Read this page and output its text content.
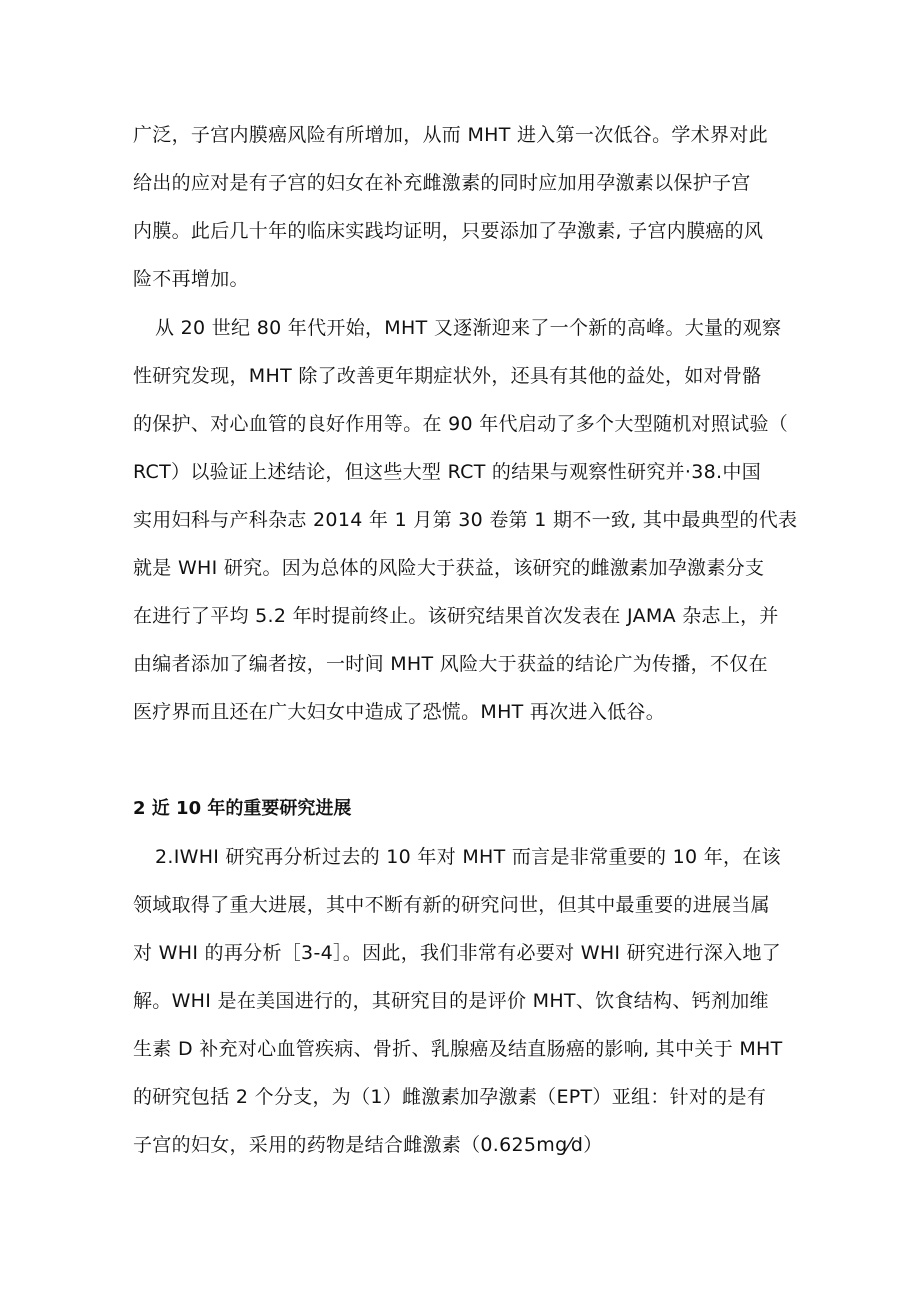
广泛，子宫内膜癌风险有所增加，从而 MHT 进入第一次低谷。学术界对此
给出的应对是有子宫的妇女在补充雌激素的同时应加用孕激素以保护子宫
内膜。此后几十年的临床实践均证明，只要添加了孕激素, 子宫内膜癌的风
险不再增加。
从 20 世纪 80 年代开始，MHT 又逐渐迎来了一个新的高峰。大量的观察
性研究发现，MHT 除了改善更年期症状外，还具有其他的益处，如对骨骼
的保护、对心血管的良好作用等。在 90 年代启动了多个大型随机对照试验（
RCT）以验证上述结论，但这些大型 RCT 的结果与观察性研究并·38.中国
实用妇科与产科杂志 2014 年 1 月第 30 卷第 1 期不一致, 其中最典型的代表
就是 WHI 研究。因为总体的风险大于获益，该研究的雌激素加孕激素分支
在进行了平均 5.2 年时提前终止。该研究结果首次发表在 JAMA 杂志上，并
由编者添加了编者按，一时间 MHT 风险大于获益的结论广为传播，不仅在
医疗界而且还在广大妇女中造成了恐慌。MHT 再次进入低谷。
2 近 10 年的重要研究进展
2.IWHI 研究再分析过去的 10 年对 MHT 而言是非常重要的 10 年，在该
领域取得了重大进展，其中不断有新的研究问世，但其中最重要的进展当属
对 WHI 的再分析［3-4］。因此，我们非常有必要对 WHI 研究进行深入地了
解。WHI 是在美国进行的，其研究目的是评价 MHT、饮食结构、钙剂加维
生素 D 补充对心血管疾病、骨折、乳腺癌及结直肠癌的影响, 其中关于 MHT
的研究包括 2 个分支，为（1）雌激素加孕激素（EPT）亚组：针对的是有
子宫的妇女，采用的药物是结合雌激素（0.625mg⁄d）
